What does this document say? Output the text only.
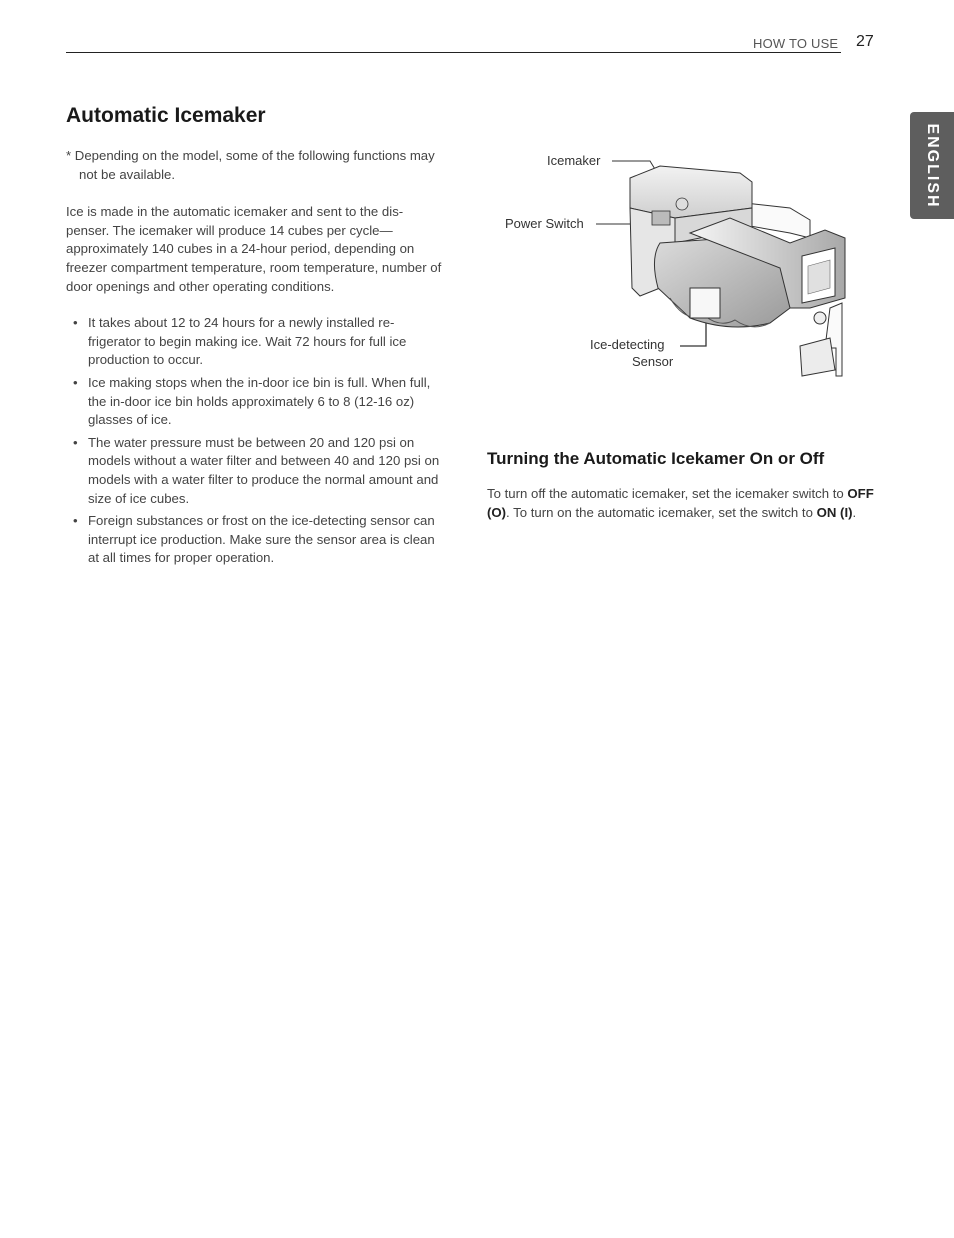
HOW TO USE 27
ENGLISH
Automatic Icemaker

* Depending on the model, some of the following functions may not be available.

Ice is made in the automatic icemaker and sent to the dis-penser. The icemaker will produce 14 cubes per cycle—approximately 140 cubes in a 24-hour period, depending on freezer compartment temperature, room temperature, number of door openings and other operating conditions.

• It takes about 12 to 24 hours for a newly installed re-frigerator to begin making ice. Wait 72 hours for full ice production to occur.
• Ice making stops when the in-door ice bin is full. When full, the in-door ice bin holds approximately 6 to 8 (12-16 oz) glasses of ice.
• The water pressure must be between 20 and 120 psi on models without a water filter and between 40 and 120 psi on models with a water filter to produce the normal amount and size of ice cubes.
• Foreign substances or frost on the ice-detecting sensor can interrupt ice production. Make sure the sensor area is clean at all times for proper operation.
Icemaker
Power Switch
Ice-detecting
Sensor
Turning the Automatic Icekamer On or Off
To turn off the automatic icemaker, set the icemaker switch to OFF (O). To turn on the automatic icemaker, set the switch to ON (I).
